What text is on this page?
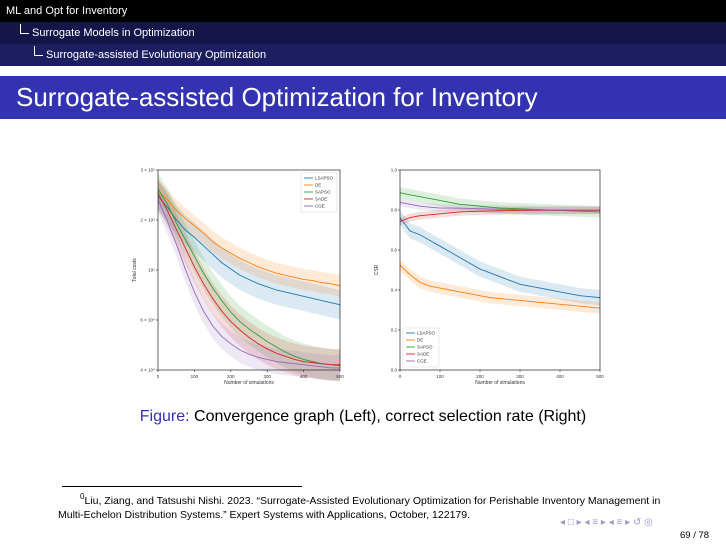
ML and Opt for Inventory
Surrogate Models in Optimization
Surrogate-assisted Evolutionary Optimization
Surrogate-assisted Optimization for Inventory
0	100	200	300	400	500
3 × 10⁵
2 × 10⁵
10⁵
6 × 10⁴
4 × 10⁴
Number of simulations
Total costs
LSAPSO
DE
SAPSO
SADE
CGE
0	100	200	300	400	500
1.0
0.8
0.6
0.4
0.2
0.0
Number of simulations
CSR
LSAPSO
DE
SAPSO
SADE
CGE
Figure: Convergence graph (Left), correct selection rate (Right)
$^0$Liu, Ziang, and Tatsushi Nishi. 2023. “Surrogate-Assisted Evolutionary Optimization for Perishable Inventory Management in Multi-Echelon Distribution Systems.” Expert Systems with Applications, October, 122179.
◂ □ ▸ ◂ ≡ ▸ ◂ ≡ ▸ ↺ ◎
69 / 78
